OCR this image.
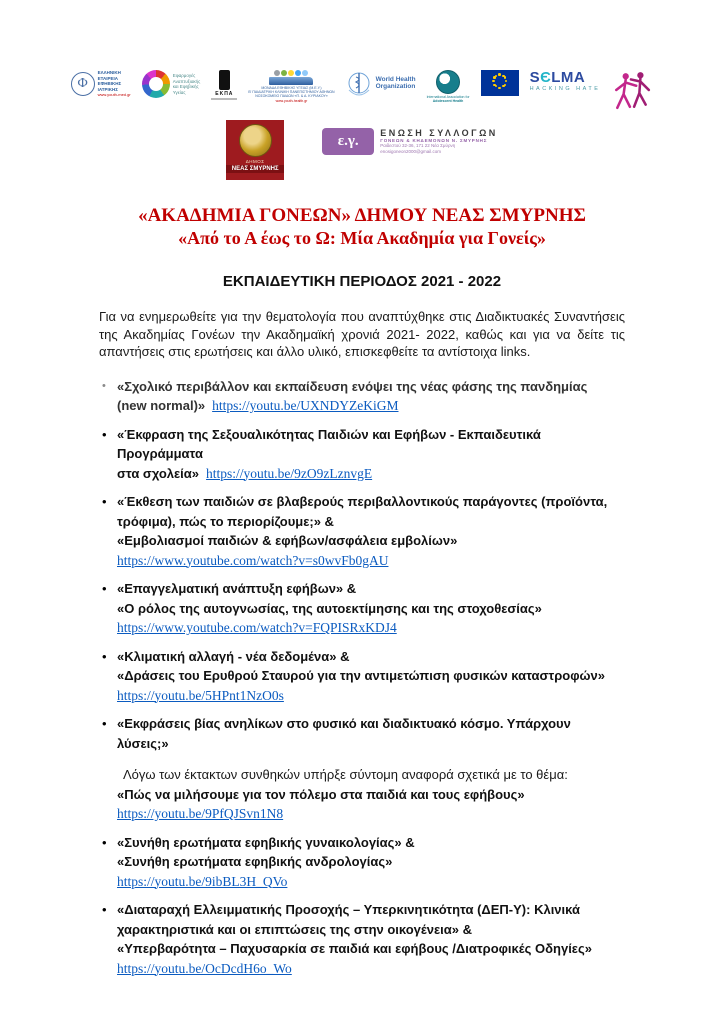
Φ
ΕΛΛΗΝΙΚΗ
ΕΤΑΙΡΕΙΑ
ΕΦΗΒΙΚΗΣ
ΙΑΤΡΙΚΗΣ
www.youth-med.gr
Εφαρμογές
Αναπτυξιακής
και Εφηβικής
Υγείας	ΕΚΠΑ
ΜΟΝΑΔΑ ΕΦΗΒΙΚΗΣ ΥΓΕΙΑΣ (Μ.Ε.Υ.)
Β' ΠΑΙΔΙΑΤΡΙΚΗ ΚΛΙΝΙΚΗ ΠΑΝΕΠΙΣΤΗΜΙΟΥ ΑΘΗΝΩΝ
ΝΟΣΟΚΟΜΕΙΟ ΠΑΙΔΩΝ «Π. & Α. ΚΥΡΙΑΚΟΥ»
www.youth-health.gr
World Health
Organization
International Association for
Adolescent Health
SЄLMA
HACKING HATE
ΔΗΜΟΣ
ΝΕΑΣ ΣΜΥΡΝΗΣ
ε.γ.	ΕΝΩΣΗ ΣΥΛΛΟΓΩΝ
ΓΟΝΕΩΝ & ΚΗΔΕΜΟΝΩΝ Ν. ΣΜΥΡΝΗΣ
Ραιδεστού 32-36, 171 22 Νέα Σμύρνη
enosigoneon2000@gmail.com
«ΑΚΑΔΗΜΙΑ ΓΟΝΕΩΝ» ΔΗΜΟΥ ΝΕΑΣ ΣΜΥΡΝΗΣ
«Από το Α έως το Ω: Μία Ακαδημία για Γονείς»
ΕΚΠΑΙΔΕΥΤΙΚΗ ΠΕΡΙΟΔΟΣ 2021 - 2022

Για να ενημερωθείτε για την θεματολογία που αναπτύχθηκε στις Διαδικτυακές Συναντήσεις της Ακαδημίας Γονέων την Ακαδημαϊκή χρονιά 2021- 2022, καθώς και για να δείτε τις απαντήσεις στις ερωτήσεις και άλλο υλικό, επισκεφθείτε τα αντίστοιχα links.

• «Σχολικό περιβάλλον και εκπαίδευση ενόψει της νέας φάσης της πανδημίας
(new normal)» https://youtu.be/UXNDYZeKiGM
• «Έκφραση της Σεξουαλικότητας Παιδιών και Εφήβων - Εκπαιδευτικά Προγράμματα
στα σχολεία» https://youtu.be/9zO9zLznvgE
• «Έκθεση των παιδιών σε βλαβερούς περιβαλλοντικούς παράγοντες (προϊόντα,
τρόφιμα), πώς το περιορίζουμε;» &
«Εμβολιασμοί παιδιών & εφήβων/ασφάλεια εμβολίων»
https://www.youtube.com/watch?v=s0wvFb0gAU
• «Επαγγελματική ανάπτυξη εφήβων» &
«Ο ρόλος της αυτογνωσίας, της αυτοεκτίμησης και της στοχοθεσίας»
https://www.youtube.com/watch?v=FQPISRxKDJ4
• «Κλιματική αλλαγή - νέα δεδομένα» &
«Δράσεις του Ερυθρού Σταυρού για την αντιμετώπιση φυσικών καταστροφών»
https://youtu.be/5HPnt1NzO0s
• «Εκφράσεις βίας ανηλίκων στο φυσικό και διαδικτυακό κόσμο. Υπάρχουν λύσεις;»
Λόγω των έκτακτων συνθηκών υπήρξε σύντομη αναφορά σχετικά με το θέμα:
«Πώς να μιλήσουμε για τον πόλεμο στα παιδιά και τους εφήβους»
https://youtu.be/9PfQJSvn1N8
• «Συνήθη ερωτήματα εφηβικής γυναικολογίας» &
«Συνήθη ερωτήματα εφηβικής ανδρολογίας»
https://youtu.be/9ibBL3H_QVo
• «Διαταραχή Ελλειμματικής Προσοχής – Υπερκινητικότητα (ΔΕΠ-Υ): Κλινικά
χαρακτηριστικά και οι επιπτώσεις της στην οικογένεια» &
«Υπερβαρότητα – Παχυσαρκία σε παιδιά και εφήβους /Διατροφικές Οδηγίες»
https://youtu.be/OcDcdH6o_Wo
